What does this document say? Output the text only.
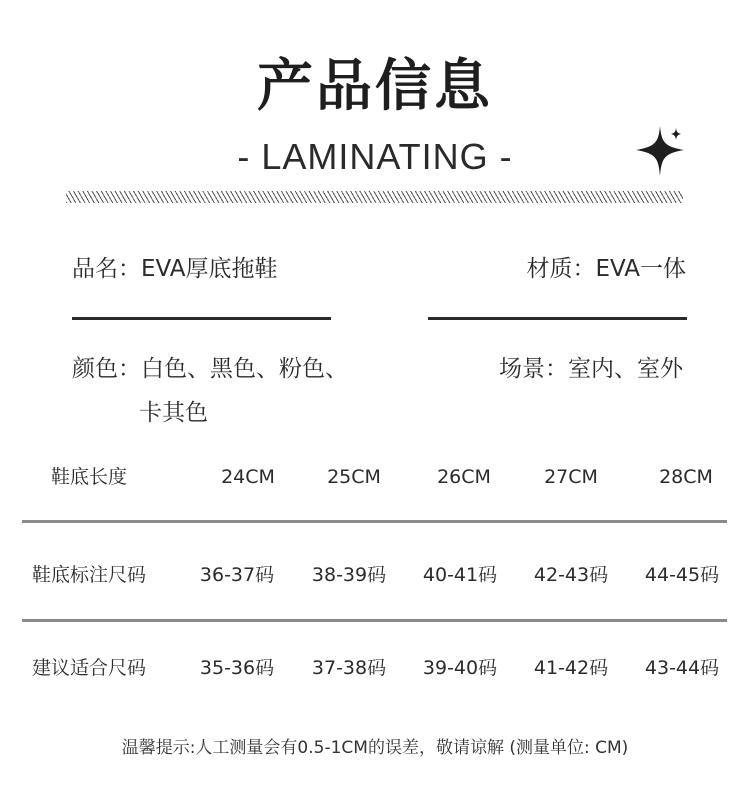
产品信息
- LAMINATING -
品名：EVA厚底拖鞋	材质：EVA一体
颜色：白色、黑色、粉色、
卡其色
场景：室内、室外
鞋底长度	24CM	25CM	26CM	27CM	28CM
鞋底标注尺码	36-37码	38-39码	40-41码	42-43码	44-45码
建议适合尺码	35-36码	37-38码	39-40码	41-42码	43-44码
温馨提示:人工测量会有0.5-1CM的误差，敬请谅解 (测量单位: CM)
